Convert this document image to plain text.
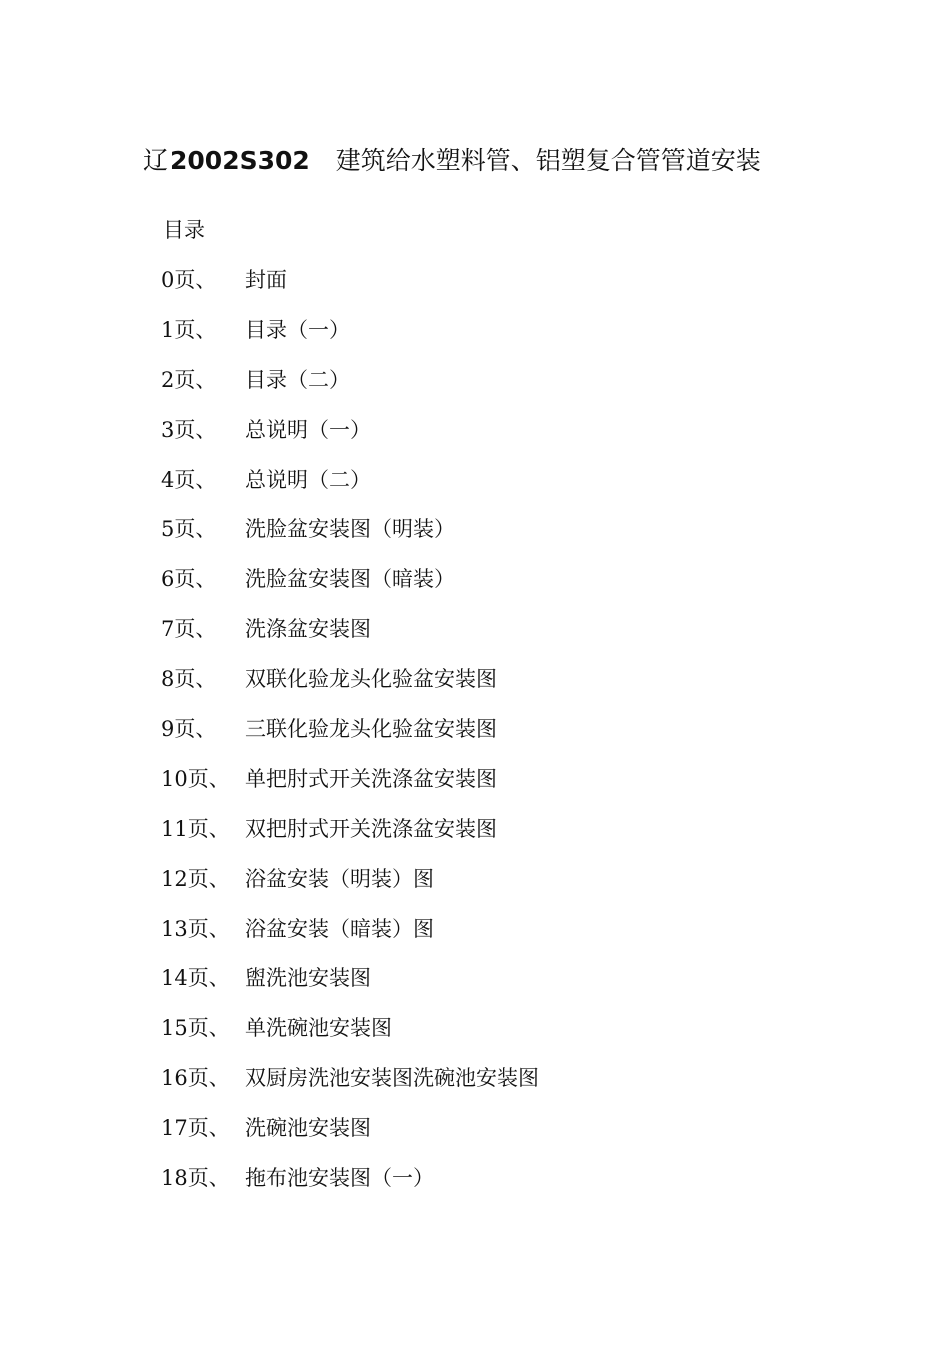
辽2002S302 建筑给水塑料管、铝塑复合管管道安装
目录
0页、	封面
1页、	目录（一）
2页、	目录（二）
3页、	总说明（一）
4页、	总说明（二）
5页、	洗脸盆安装图（明装）
6页、	洗脸盆安装图（暗装）
7页、	洗涤盆安装图
8页、	双联化验龙头化验盆安装图
9页、	三联化验龙头化验盆安装图
10页、 单把肘式开关洗涤盆安装图
11页、 双把肘式开关洗涤盆安装图
12页、 浴盆安装（明装）图
13页、 浴盆安装（暗装）图
14页、 盥洗池安装图
15页、 单洗碗池安装图
16页、 双厨房洗池安装图洗碗池安装图
17页、 洗碗池安装图
18页、 拖布池安装图（一）
